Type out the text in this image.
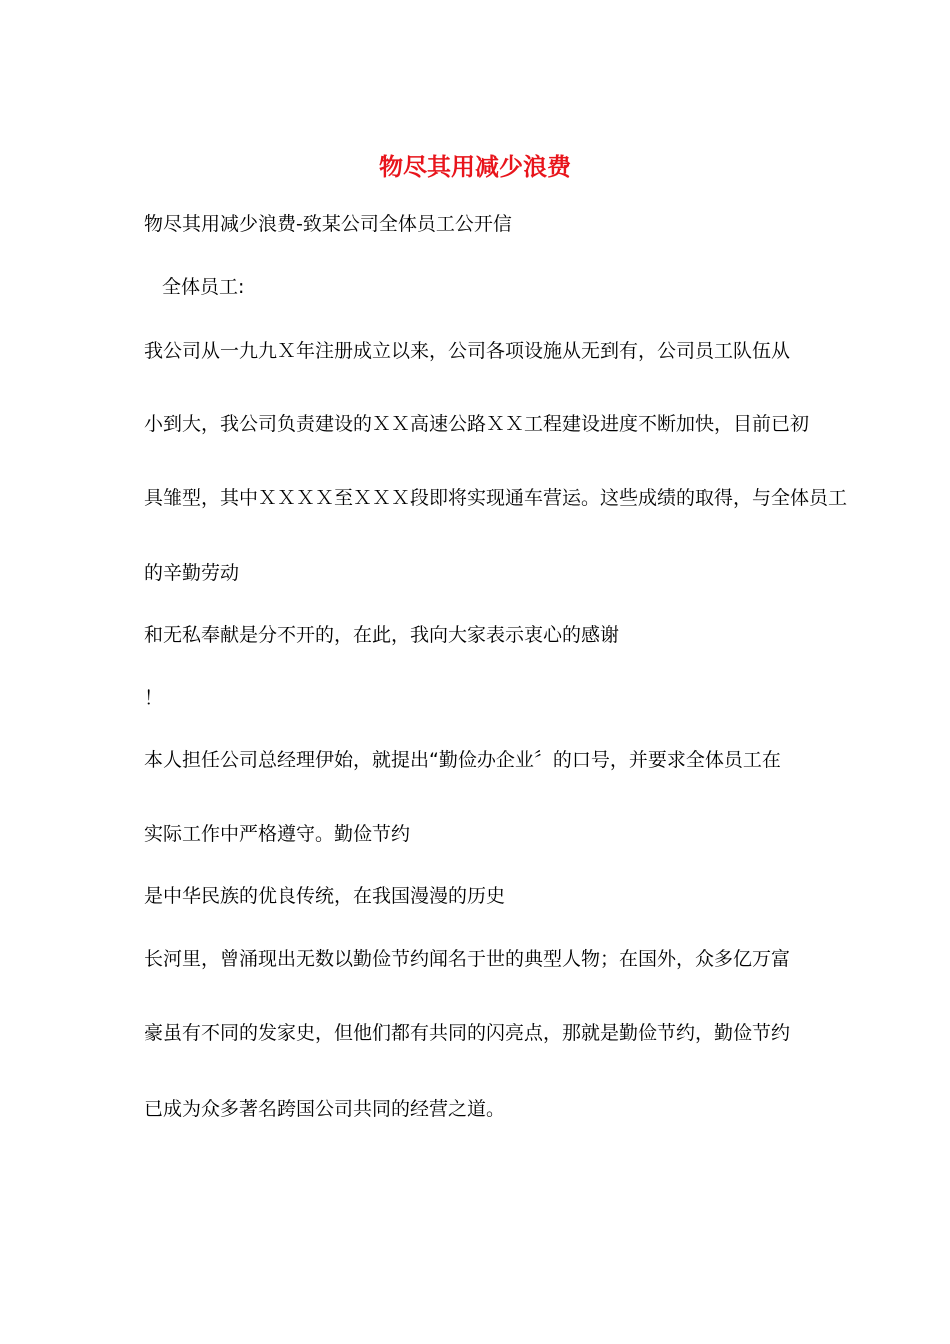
物尽其用减少浪费
物尽其用减少浪费-致某公司全体员工公开信
全体员工:
我公司从一九九Ｘ年注册成立以来，公司各项设施从无到有，公司员工队伍从
小到大，我公司负责建设的ＸＸ高速公路ＸＸ工程建设进度不断加快，目前已初
具雏型，其中ＸＸＸＸ至ＸＸＸ段即将实现通车营运。这些成绩的取得，与全体员工
的辛勤劳动
和无私奉献是分不开的，在此，我向大家表示衷心的感谢
！
本人担任公司总经理伊始，就提出“勤俭办企业〞的口号，并要求全体员工在
实际工作中严格遵守。勤俭节约
是中华民族的优良传统，在我国漫漫的历史
长河里，曾涌现出无数以勤俭节约闻名于世的典型人物；在国外，众多亿万富
豪虽有不同的发家史，但他们都有共同的闪亮点，那就是勤俭节约，勤俭节约
已成为众多著名跨国公司共同的经营之道。
